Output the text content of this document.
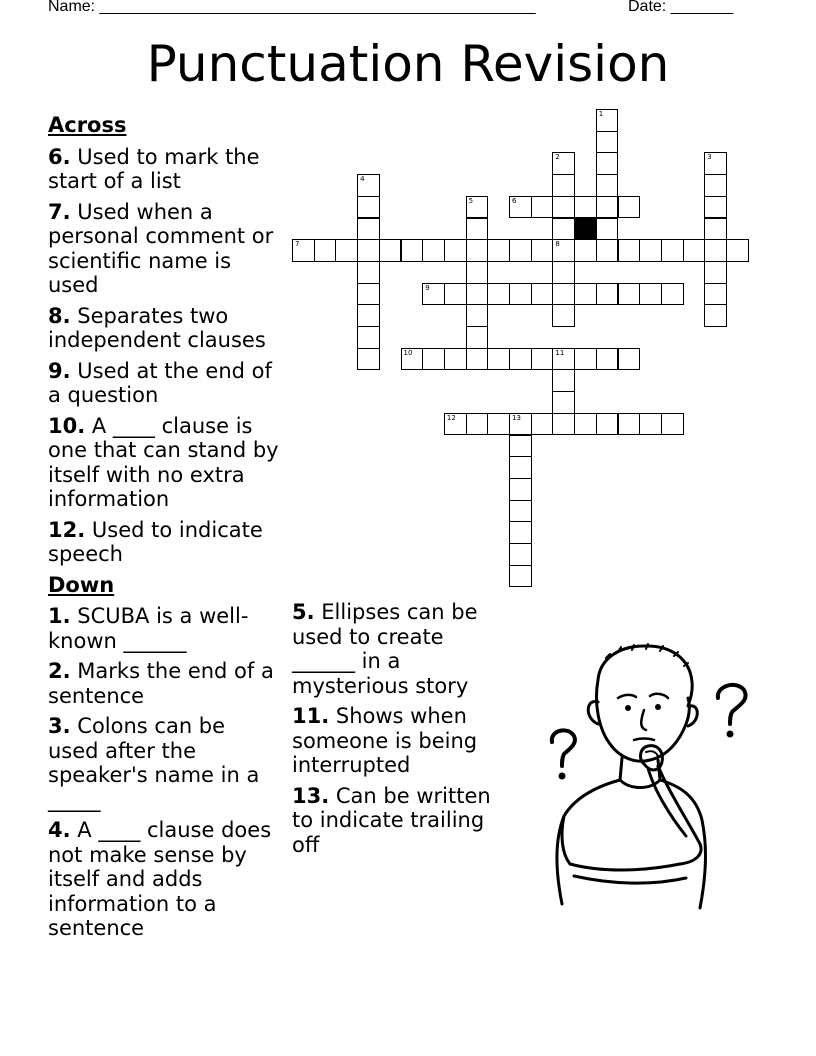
Name: _________________________________________________	Date: _______
Punctuation Revision
Across
6. Used to mark the start of a list
7. Used when a personal comment or scientific name is used
8. Separates two independent clauses
9. Used at the end of a question
10. A ____ clause is one that can stand by itself with no extra information
12. Used to indicate speech
Down
1. SCUBA is a well-known ______
2. Marks the end of a sentence
3. Colons can be used after the speaker's name in a _____
4. A ____ clause does not make sense by itself and adds information to a sentence
5. Ellipses can be used to create ______ in a mysterious story
11. Shows when someone is being interrupted
13. Can be written to indicate trailing off
1
2
8
3
4
5	6
7
9
10	11
12	13
